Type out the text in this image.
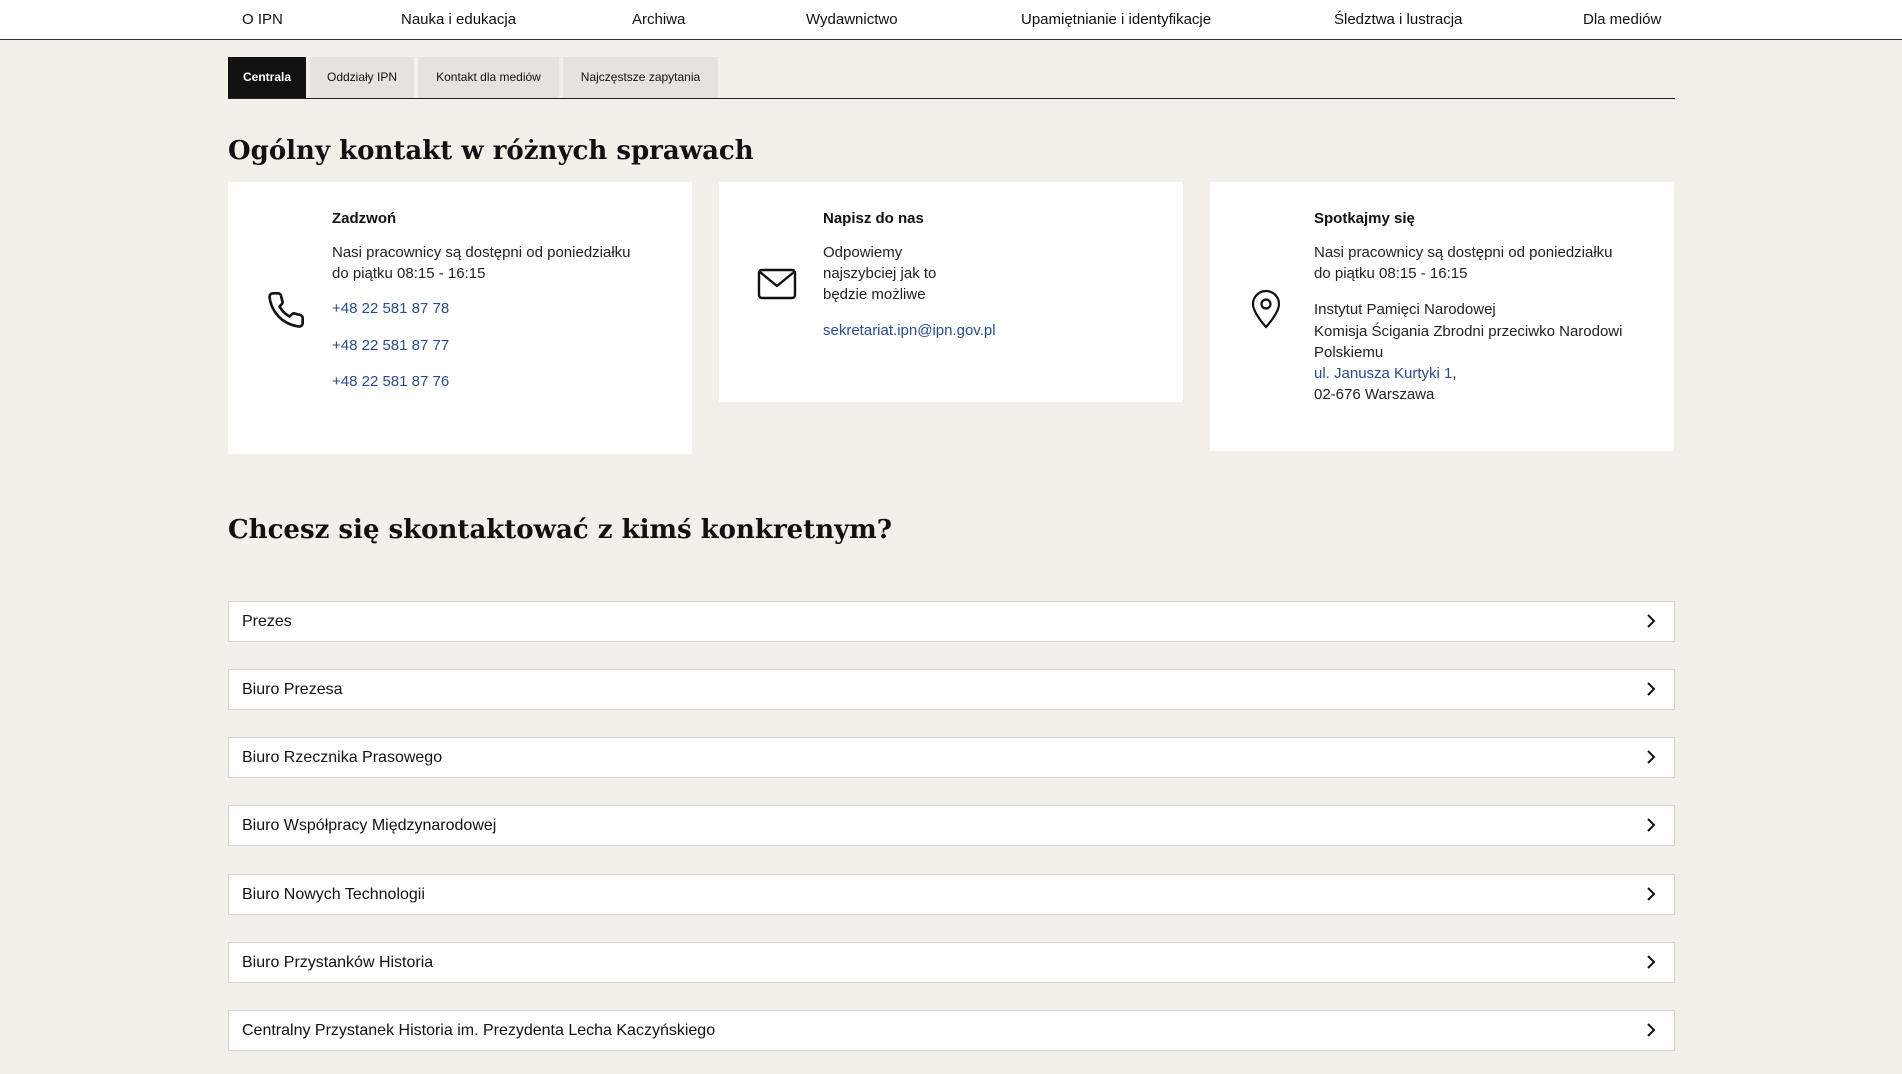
O IPN	Nauka i edukacja	Archiwa	Wydawnictwo	Upamiętnianie i identyfikacje	Śledztwa i lustracja	Dla mediów
Centrala	Oddziały IPN	Kontakt dla mediów	Najczęstsze zapytania
Ogólny kontakt w różnych sprawach
Zadzwoń
Nasi pracownicy są dostępni od poniedziałku
do piątku 08:15 - 16:15
+48 22 581 87 78
+48 22 581 87 77
+48 22 581 87 76
Napisz do nas
Odpowiemy
najszybciej jak to
będzie możliwe
sekretariat.ipn@ipn.gov.pl
Spotkajmy się
Nasi pracownicy są dostępni od poniedziałku
do piątku 08:15 - 16:15
Instytut Pamięci Narodowej
Komisja Ścigania Zbrodni przeciwko Narodowi
Polskiemu
ul. Janusza Kurtyki 1,
02-676 Warszawa
Chcesz się skontaktować z kimś konkretnym?
Prezes
Biuro Prezesa
Biuro Rzecznika Prasowego
Biuro Współpracy Międzynarodowej
Biuro Nowych Technologii
Biuro Przystanków Historia
Centralny Przystanek Historia im. Prezydenta Lecha Kaczyńskiego
